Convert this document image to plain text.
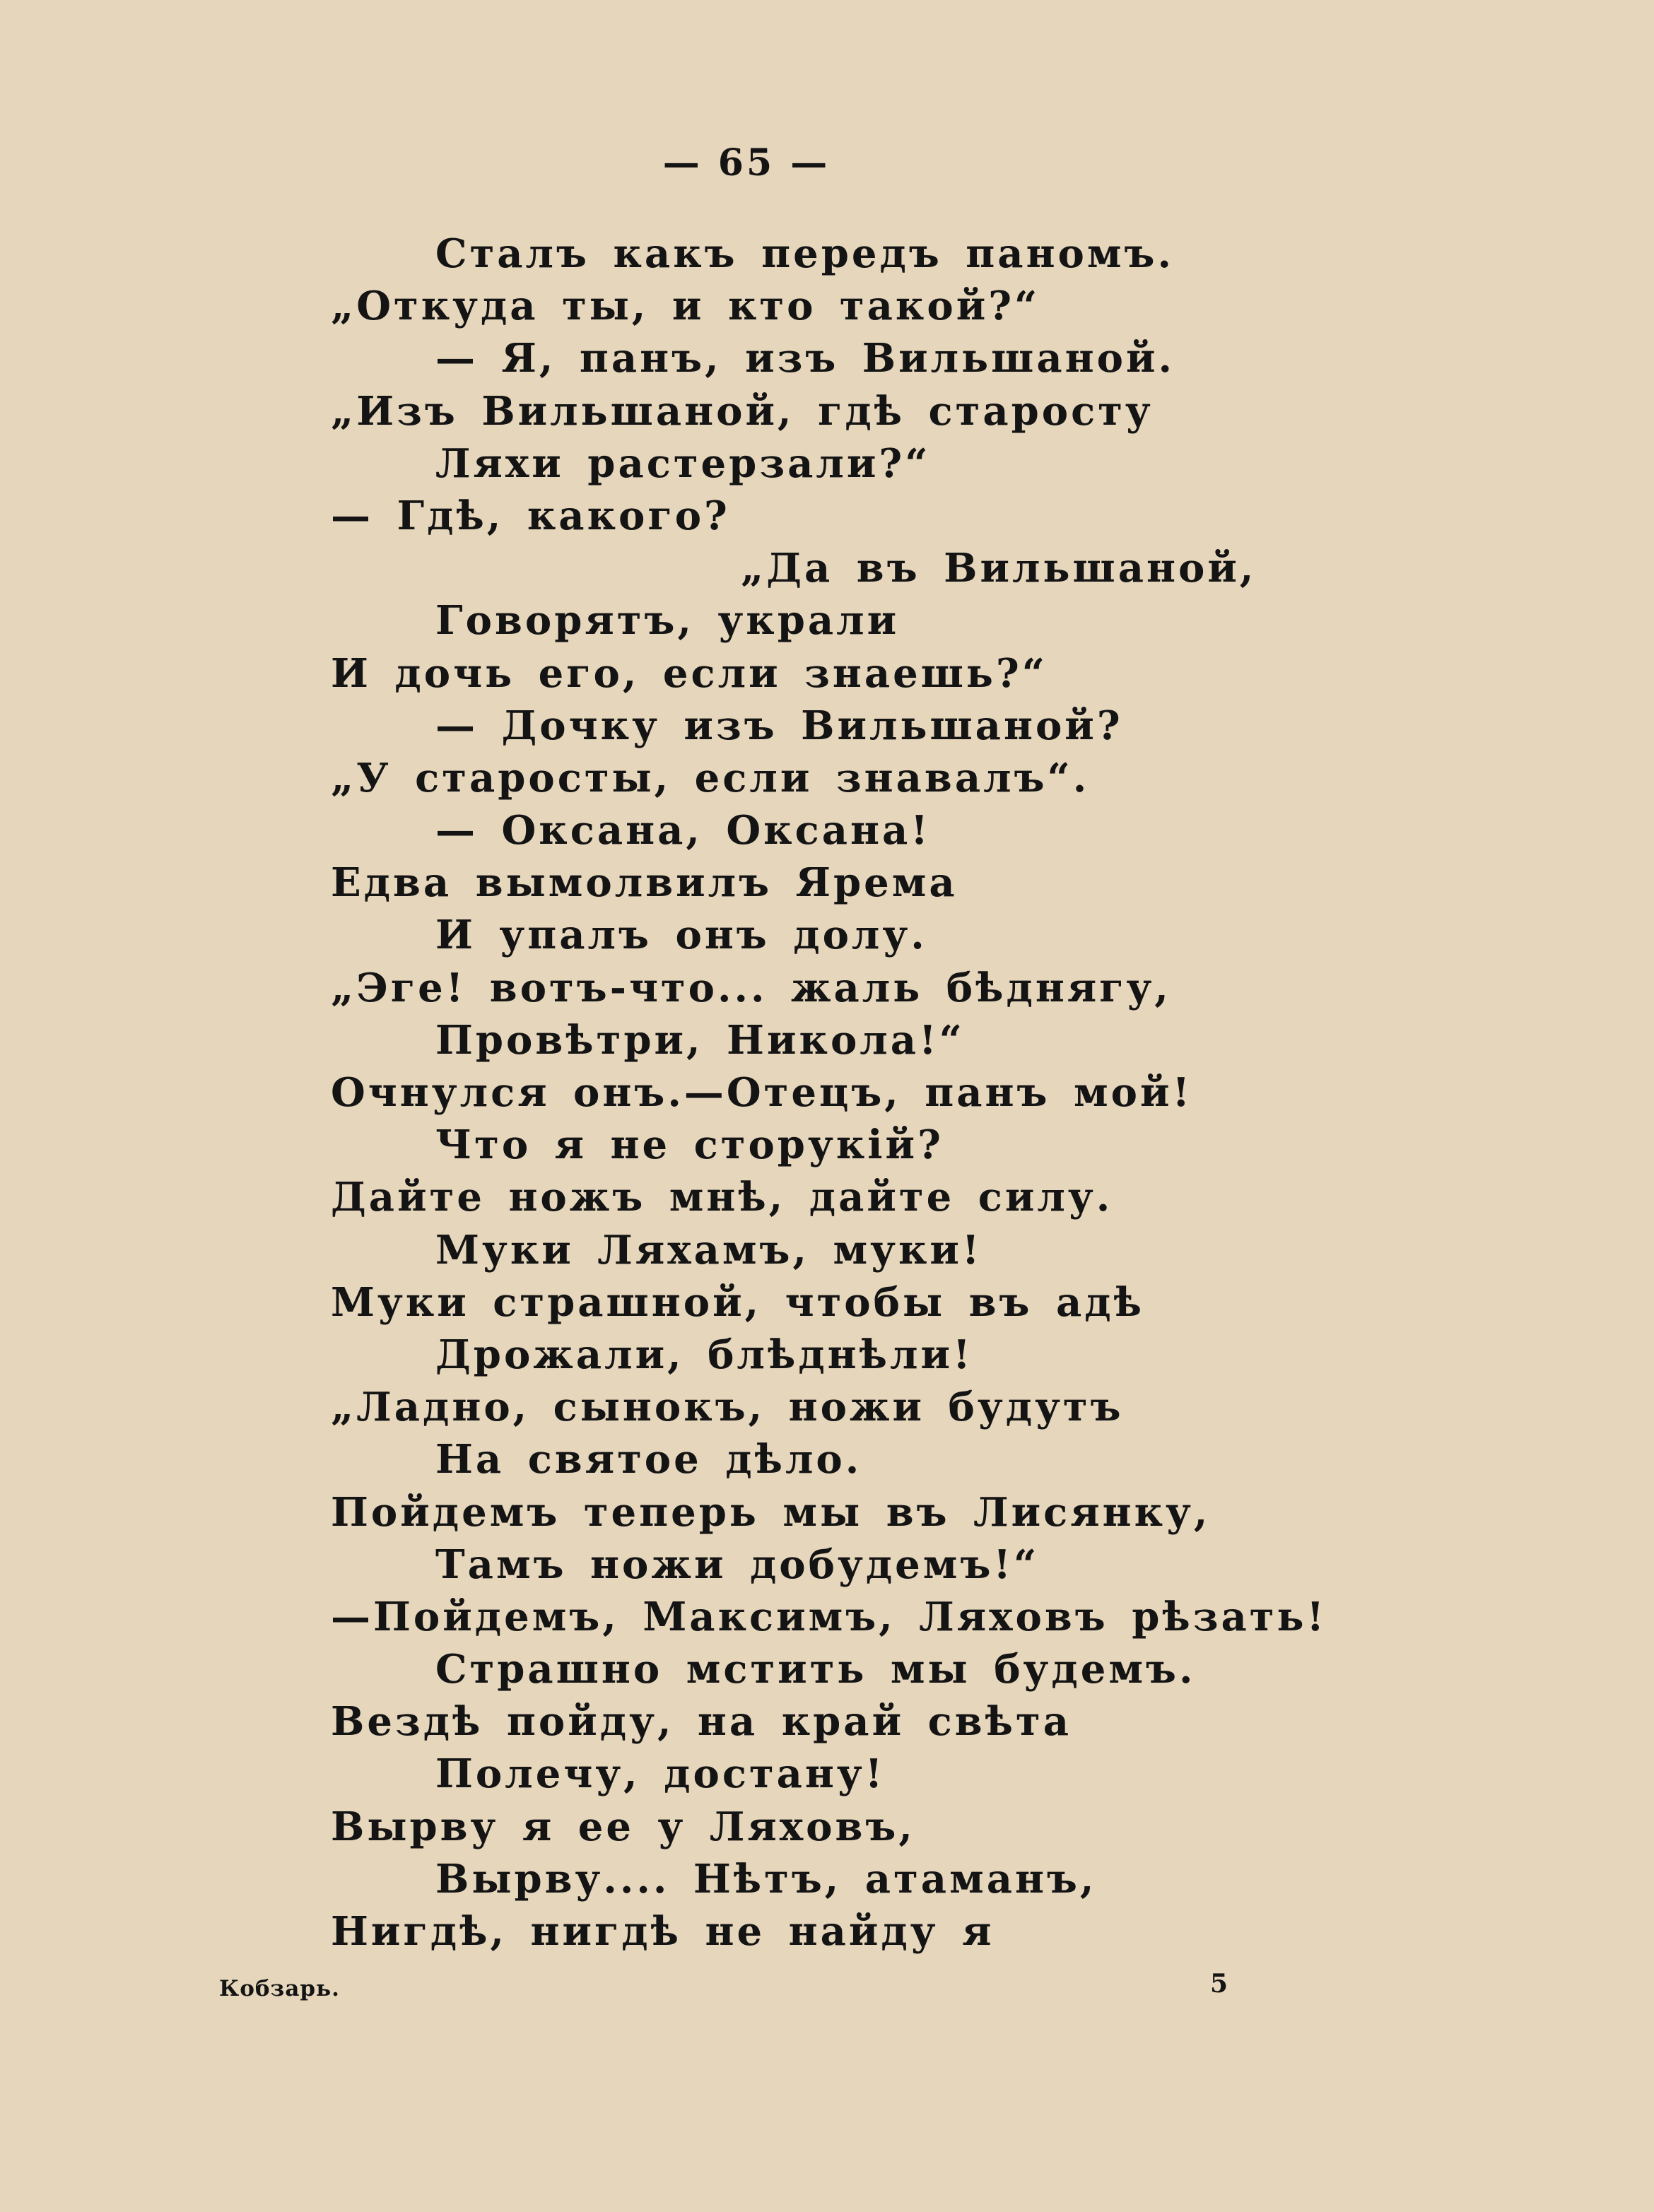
— 65 —
Сталъ какъ передъ паномъ.
„Откуда ты, и кто такой?“
— Я, панъ, изъ Вильшаной.
„Изъ Вильшаной, гдѣ старосту
Ляхи растерзали?“
— Гдѣ, какого?
„Да въ Вильшаной,
Говорятъ, украли
И дочь его, если знаешь?“
— Дочку изъ Вильшаной?
„У старосты, если знавалъ“.
— Оксана, Оксана!
Едва вымолвилъ Ярема
И упалъ онъ долу.
„Эге! вотъ-что... жаль бѣднягу,
Провѣтри, Никола!“
Очнулся онъ.—Отецъ, панъ мой!
Что я не сторукій?
Дайте ножъ мнѣ, дайте силу.
Муки Ляхамъ, муки!
Муки страшной, чтобы въ адѣ
Дрожали, блѣднѣли!
„Ладно, сынокъ, ножи будутъ
На святое дѣло.
Пойдемъ теперь мы въ Лисянку,
Тамъ ножи добудемъ!“
—Пойдемъ, Максимъ, Ляховъ рѣзать!
Страшно мстить мы будемъ.
Вездѣ пойду, на край свѣта
Полечу, достану!
Вырву я ее у Ляховъ,
Вырву.... Нѣтъ, атаманъ,
Нигдѣ, нигдѣ не найду я
Кобзарь.	5
